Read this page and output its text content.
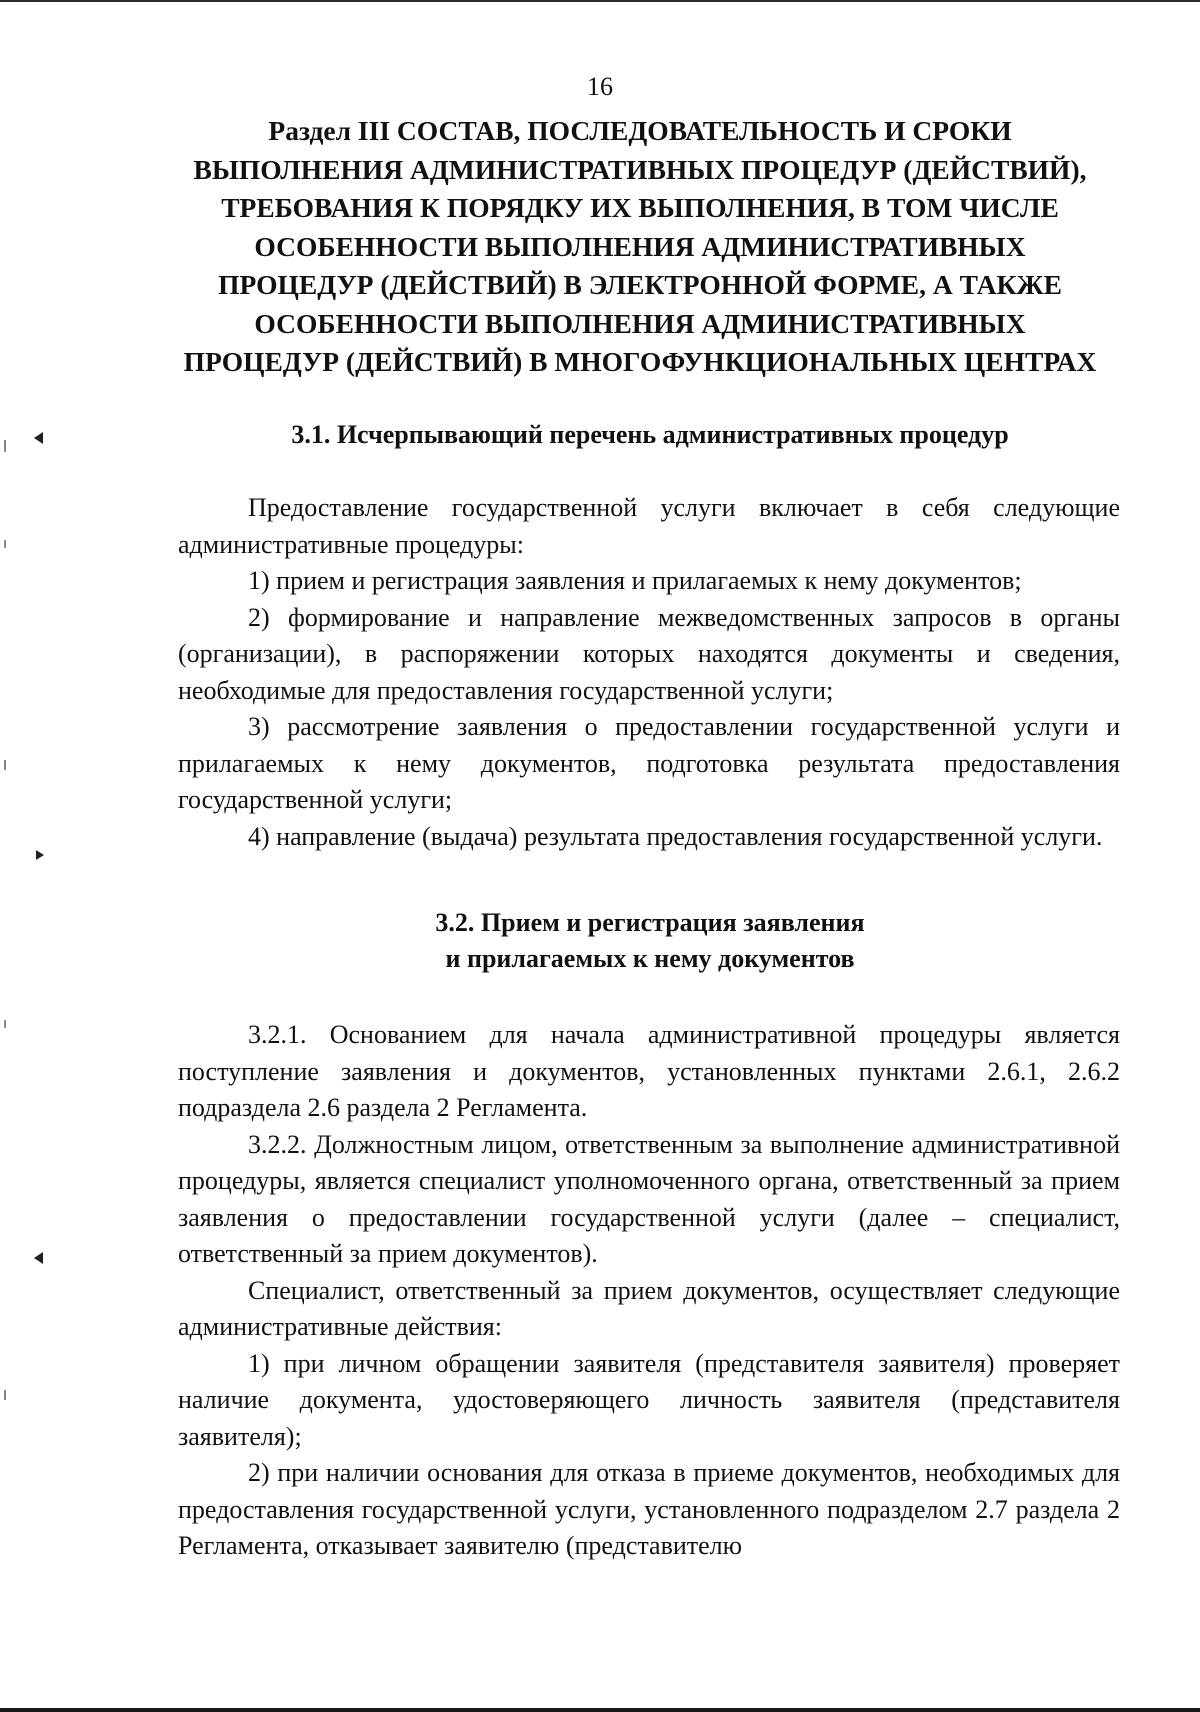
16
Раздел III СОСТАВ, ПОСЛЕДОВАТЕЛЬНОСТЬ И СРОКИ
ВЫПОЛНЕНИЯ АДМИНИСТРАТИВНЫХ ПРОЦЕДУР (ДЕЙСТВИЙ),
ТРЕБОВАНИЯ К ПОРЯДКУ ИХ ВЫПОЛНЕНИЯ, В ТОМ ЧИСЛЕ
ОСОБЕННОСТИ ВЫПОЛНЕНИЯ АДМИНИСТРАТИВНЫХ
ПРОЦЕДУР (ДЕЙСТВИЙ) В ЭЛЕКТРОННОЙ ФОРМЕ, А ТАКЖЕ
ОСОБЕННОСТИ ВЫПОЛНЕНИЯ АДМИНИСТРАТИВНЫХ
ПРОЦЕДУР (ДЕЙСТВИЙ) В МНОГОФУНКЦИОНАЛЬНЫХ ЦЕНТРАХ
3.1. Исчерпывающий перечень административных процедур

Предоставление государственной услуги включает в себя следующие административные процедуры:

1) прием и регистрация заявления и прилагаемых к нему документов;

2) формирование и направление межведомственных запросов в органы (организации), в распоряжении которых находятся документы и сведения, необходимые для предоставления государственной услуги;

3) рассмотрение заявления о предоставлении государственной услуги и прилагаемых к нему документов, подготовка результата предоставления государственной услуги;

4) направление (выдача) результата предоставления государственной услуги.

3.2. Прием и регистрация заявления
и прилагаемых к нему документов

3.2.1. Основанием для начала административной процедуры является поступление заявления и документов, установленных пунктами 2.6.1, 2.6.2 подраздела 2.6 раздела 2 Регламента.

3.2.2. Должностным лицом, ответственным за выполнение административной процедуры, является специалист уполномоченного органа, ответственный за прием заявления о предоставлении государственной услуги (далее – специалист, ответственный за прием документов).

Специалист, ответственный за прием документов, осуществляет следующие административные действия:

1) при личном обращении заявителя (представителя заявителя) проверяет наличие документа, удостоверяющего личность заявителя (представителя заявителя);

2) при наличии основания для отказа в приеме документов, необходимых для предоставления государственной услуги, установленного подразделом 2.7 раздела 2 Регламента, отказывает заявителю (представителю
